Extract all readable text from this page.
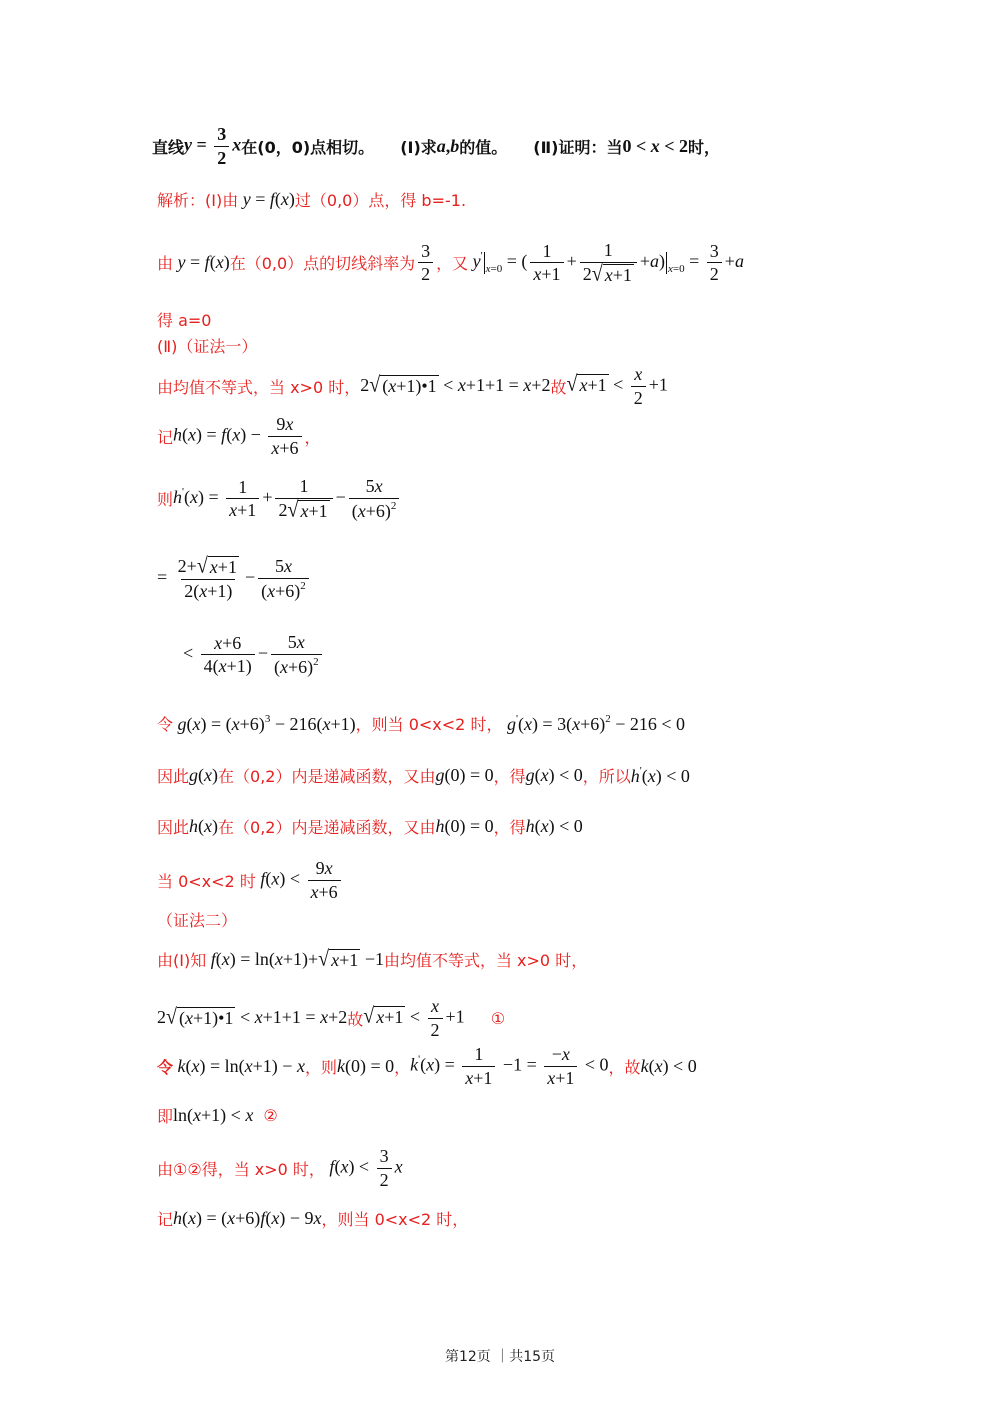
直线 $y = \frac{3}{2}$ x 在(0，0)点相切。 (Ⅰ)求 a,b 的值。 (Ⅱ)证明：当 0 < x < 2 时，
解析：(Ⅰ)由 y = f(x) 过（0,0）点，得 b=-1.
由 y = f(x) 在（0,0）点的切线斜率为 $\frac{3}{2}$ ，又 $y'_{x=0}$ = ( $\frac{1}{x+1} + \frac{1}{2 √ x+1} +a$) $_{x=0} = \frac{3}{2} +a$
得 a=0
(Ⅱ)（证法一）
由均值不等式，当 x>0 时， 2 √ (x+1)•1 < x+1+1 = x+2 故 √ $x+1 < \frac{x}{2} +1$
记 $h(x) = f(x) - \frac{9x}{x+6}$ ，
则 $h'(x) = \frac{1}{x+1} + \frac{1}{2 √ x+1} - \frac{5x}{(x+6)^2}$
= $\frac{2+ √ x+1}{2(x+1)} - \frac{5x}{(x+6)^2}$
< $\frac{x+6}{4(x+1)} - \frac{5x}{(x+6)^2}$
令 $g(x) = (x+6)^3 - 216(x+1)$ ，则当 0<x<2 时， $g'(x) = 3(x+6)^2 - 216 < 0$
因此 g(x) 在（0,2）内是递减函数，又由 g(0) = 0 ，得 g(x) < 0 ，所以 h'(x) < 0
因此 h(x) 在（0,2）内是递减函数，又由 h(0) = 0 ，得 h(x) < 0
当 0<x<2 时 $f(x) < \frac{9x}{x+6}$
（证法二）
由(Ⅰ)知 f(x) = ln(x+1)+ √ x+1 −1 由均值不等式，当 x>0 时，
2 √ (x+1)•1 < x+1+1 = x+2 故 √ $x+1 < \frac{x}{2} +1$ ①
令 k(x) = ln(x+1) − x ，则 k(0) = 0 ， $k'(x) = \frac{1}{x+1} -1 = \frac{-x}{x+1} < 0$ ，故 k(x) < 0
即 ln(x+1) < x ②
由①②得，当 x>0 时， $f(x) < \frac{3}{2}$ x
记 h(x) = (x+6)f(x) − 9x ，则当 0<x<2 时，
第12页 ｜共15页
